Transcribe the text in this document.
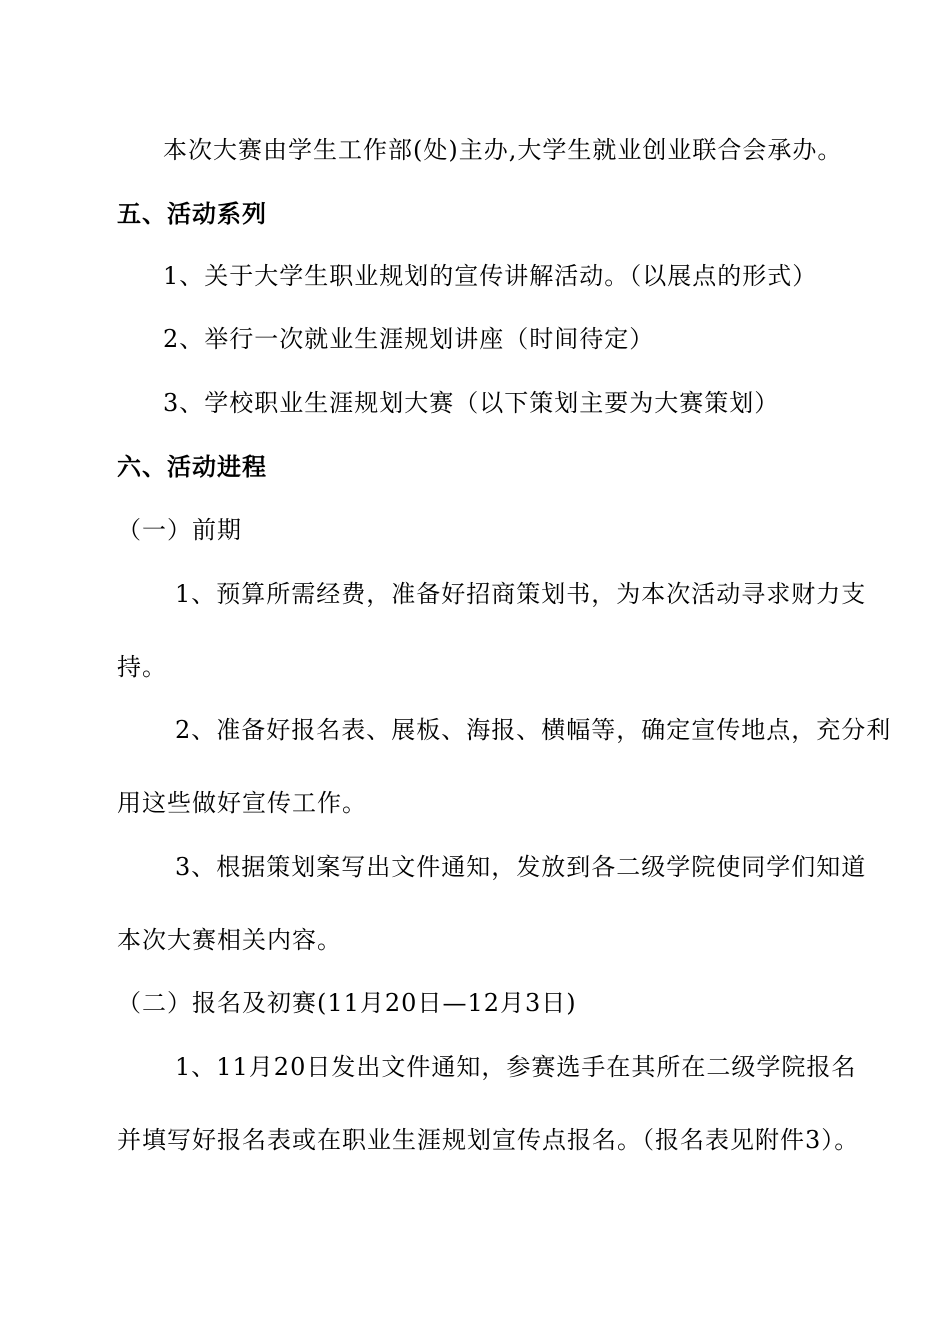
本次大赛由学生工作部(处)主办,大学生就业创业联合会承办。
五、活动系列
1、关于大学生职业规划的宣传讲解活动。（以展点的形式）
2、举行一次就业生涯规划讲座（时间待定）
3、学校职业生涯规划大赛（以下策划主要为大赛策划）
六、活动进程
（一）前期
1、预算所需经费，准备好招商策划书，为本次活动寻求财力支
持。
2、准备好报名表、展板、海报、横幅等，确定宣传地点，充分利
用这些做好宣传工作。
3、根据策划案写出文件通知，发放到各二级学院使同学们知道
本次大赛相关内容。
（二）报名及初赛(11月20日—12月3日)
1、11月20日发出文件通知，参赛选手在其所在二级学院报名
并填写好报名表或在职业生涯规划宣传点报名。（报名表见附件3）。
